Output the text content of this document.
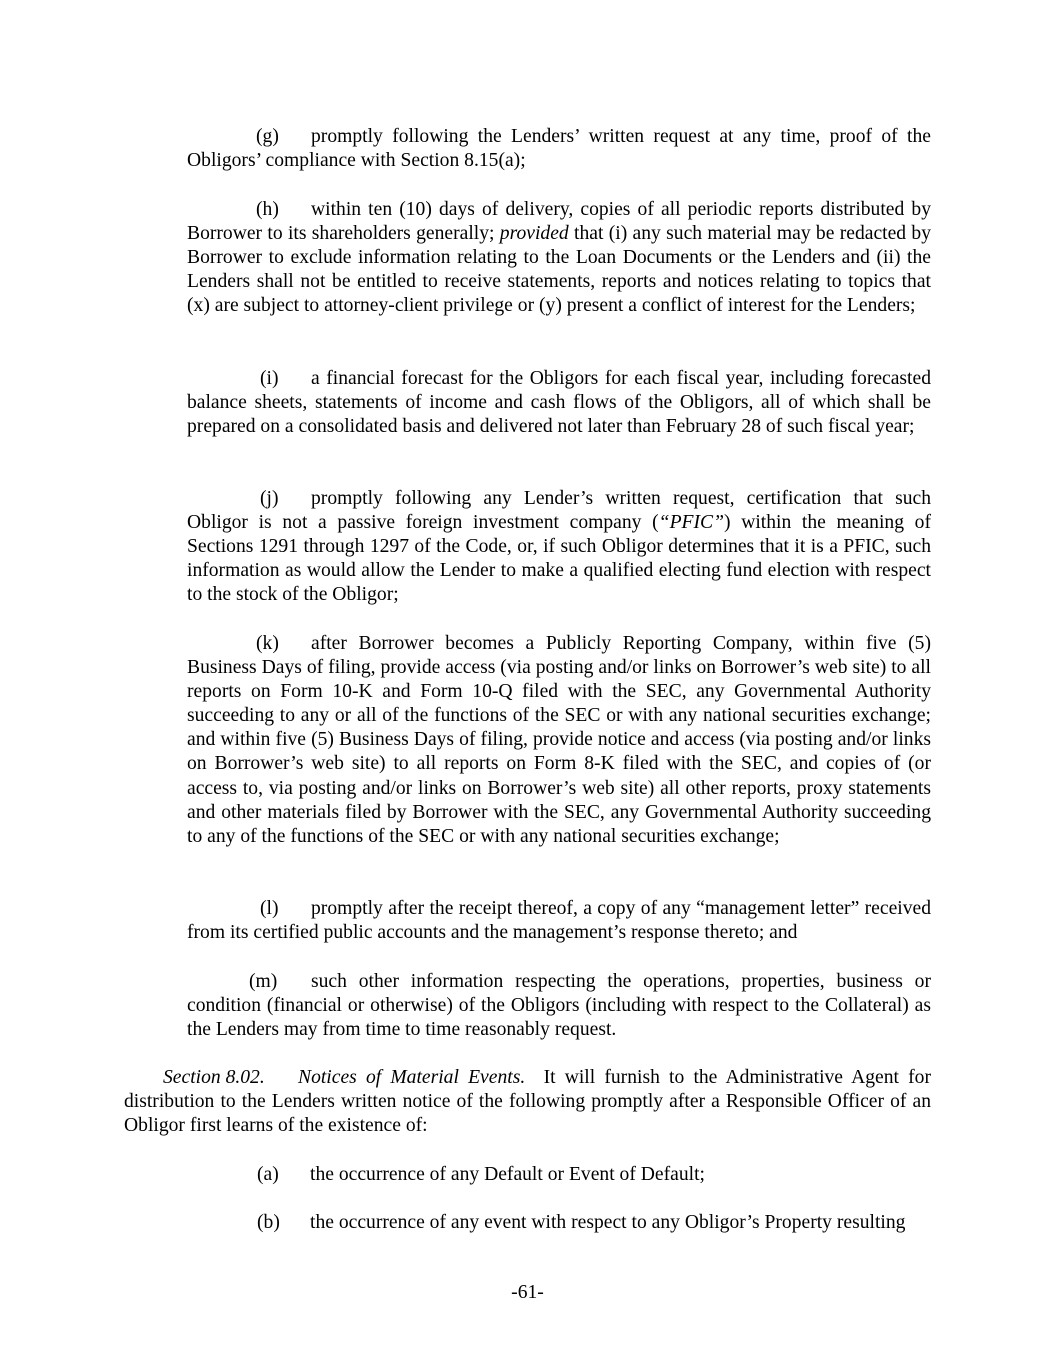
(g) promptly following the Lenders’ written request at any time, proof of the Obligors’ compliance with Section 8.15(a);

(h) within ten (10) days of delivery, copies of all periodic reports distributed by Borrower to its shareholders generally; provided that (i) any such material may be redacted by Borrower to exclude information relating to the Loan Documents or the Lenders and (ii) the Lenders shall not be entitled to receive statements, reports and notices relating to topics that (x) are subject to attorney-client privilege or (y) present a conflict of interest for the Lenders;

(i) a financial forecast for the Obligors for each fiscal year, including forecasted balance sheets, statements of income and cash flows of the Obligors, all of which shall be prepared on a consolidated basis and delivered not later than February 28 of such fiscal year;

(j) promptly following any Lender’s written request, certification that such Obligor is not a passive foreign investment company (“PFIC”) within the meaning of Sections 1291 through 1297 of the Code, or, if such Obligor determines that it is a PFIC, such information as would allow the Lender to make a qualified electing fund election with respect to the stock of the Obligor;

(k) after Borrower becomes a Publicly Reporting Company, within five (5) Business Days of filing, provide access (via posting and/or links on Borrower’s web site) to all reports on Form 10-K and Form 10-Q filed with the SEC, any Governmental Authority succeeding to any or all of the functions of the SEC or with any national securities exchange; and within five (5) Business Days of filing, provide notice and access (via posting and/or links on Borrower’s web site) to all reports on Form 8-K filed with the SEC, and copies of (or access to, via posting and/or links on Borrower’s web site) all other reports, proxy statements and other materials filed by Borrower with the SEC, any Governmental Authority succeeding to any of the functions of the SEC or with any national securities exchange;

(l) promptly after the receipt thereof, a copy of any “management letter” received from its certified public accounts and the management’s response thereto; and

(m) such other information respecting the operations, properties, business or condition (financial or otherwise) of the Obligors (including with respect to the Collateral) as the Lenders may from time to time reasonably request.

Section 8.02. Notices of Material Events. It will furnish to the Administrative Agent for distribution to the Lenders written notice of the following promptly after a Responsible Officer of an Obligor first learns of the existence of:

(a) the occurrence of any Default or Event of Default;

(b) the occurrence of any event with respect to any Obligor’s Property resulting

-61-
